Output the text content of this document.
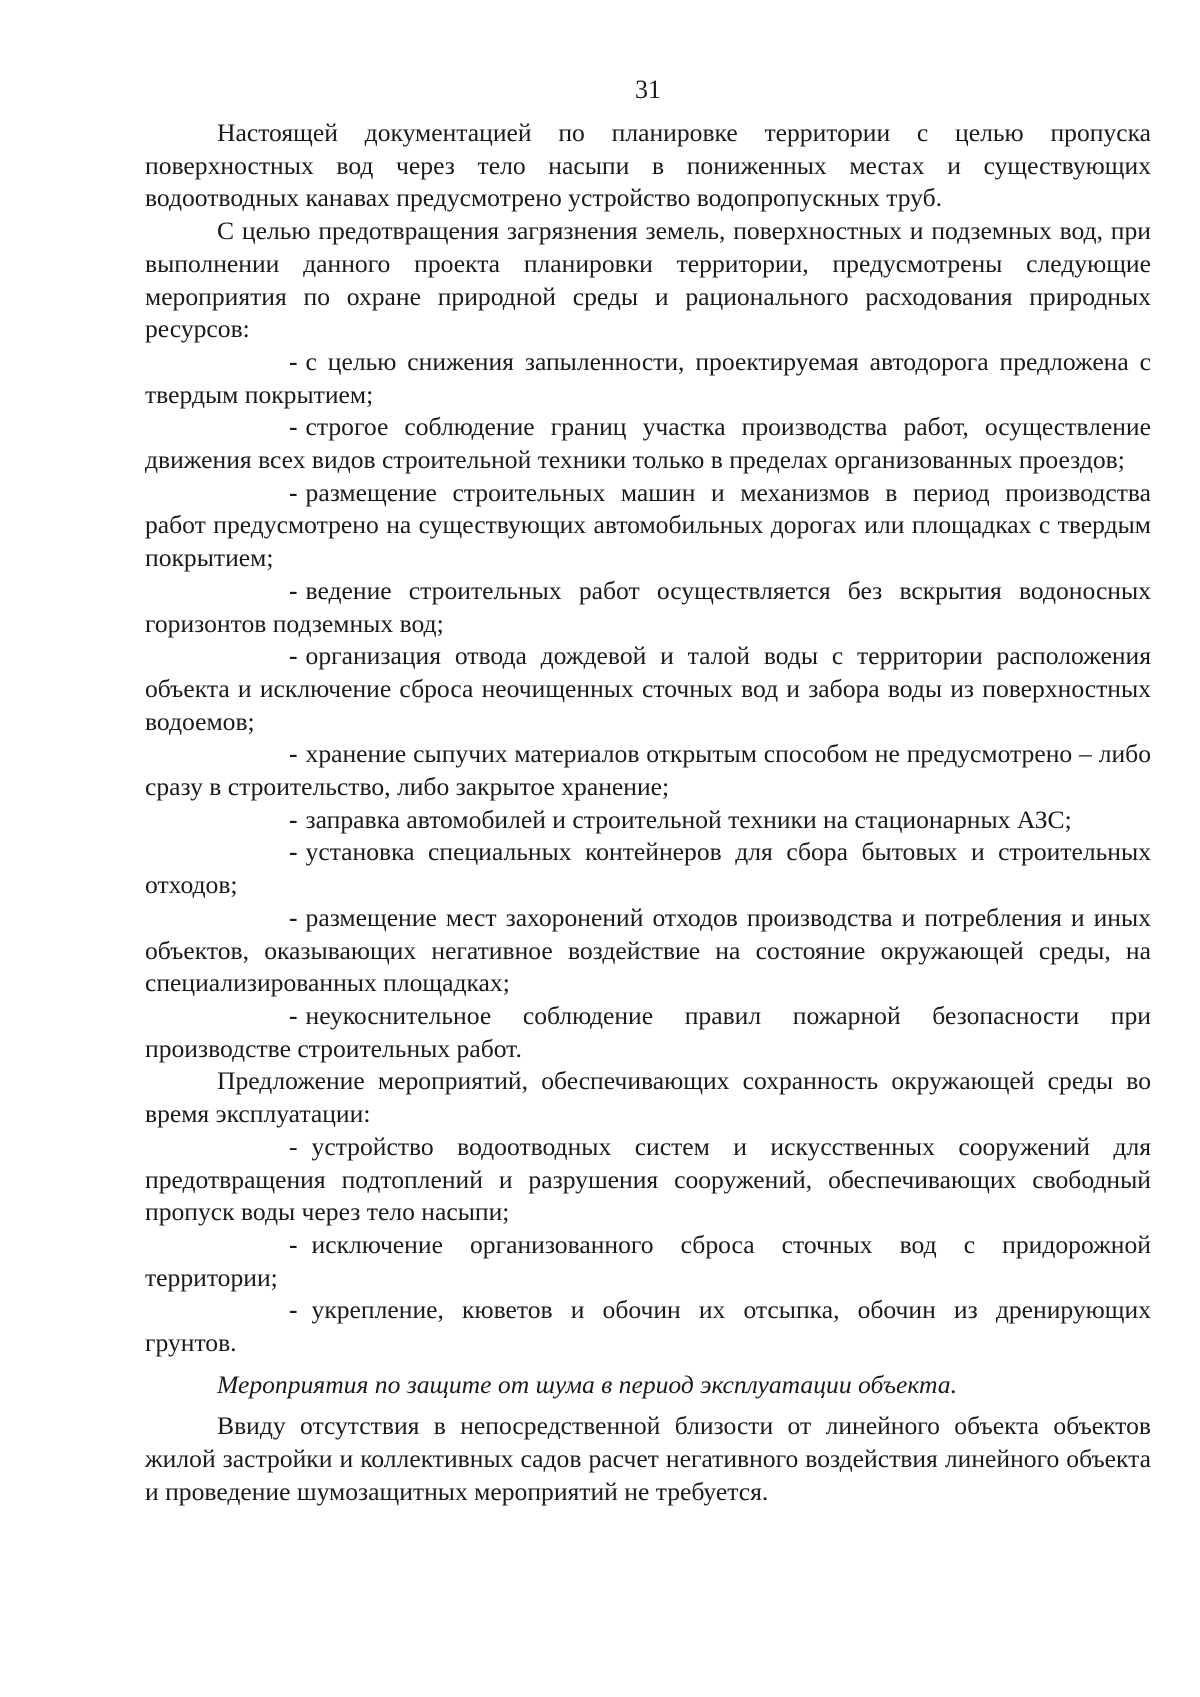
31

Настоящей документацией по планировке территории с целью пропуска поверхностных вод через тело насыпи в пониженных местах и существующих водоотводных канавах предусмотрено устройство водопропускных труб.

С целью предотвращения загрязнения земель, поверхностных и подземных вод, при выполнении данного проекта планировки территории, предусмотрены следующие мероприятия по охране природной среды и рационального расходования природных ресурсов:

- с целью снижения запыленности, проектируемая автодорога предложена с твердым покрытием;

- строгое соблюдение границ участка производства работ, осуществление движения всех видов строительной техники только в пределах организованных проездов;

- размещение строительных машин и механизмов в период производства работ предусмотрено на существующих автомобильных дорогах или площадках с твердым покрытием;

- ведение строительных работ осуществляется без вскрытия водоносных горизонтов подземных вод;

- организация отвода дождевой и талой воды с территории расположения объекта и исключение сброса неочищенных сточных вод и забора воды из поверхностных водоемов;

- хранение сыпучих материалов открытым способом не предусмотрено – либо сразу в строительство, либо закрытое хранение;

- заправка автомобилей и строительной техники на стационарных АЗС;

- установка специальных контейнеров для сбора бытовых и строительных отходов;

- размещение мест захоронений отходов производства и потребления и иных объектов, оказывающих негативное воздействие на состояние окружающей среды, на специализированных площадках;

- неукоснительное соблюдение правил пожарной безопасности при производстве строительных работ.

Предложение мероприятий, обеспечивающих сохранность окружающей среды во время эксплуатации:

- устройство водоотводных систем и искусственных сооружений для предотвращения подтоплений и разрушения сооружений, обеспечивающих свободный пропуск воды через тело насыпи;

- исключение организованного сброса сточных вод с придорожной территории;

- укрепление, кюветов и обочин их отсыпка, обочин из дренирующих грунтов.

Мероприятия по защите от шума в период эксплуатации объекта.

Ввиду отсутствия в непосредственной близости от линейного объекта объектов жилой застройки и коллективных садов расчет негативного воздействия линейного объекта и проведение шумозащитных мероприятий не требуется.
